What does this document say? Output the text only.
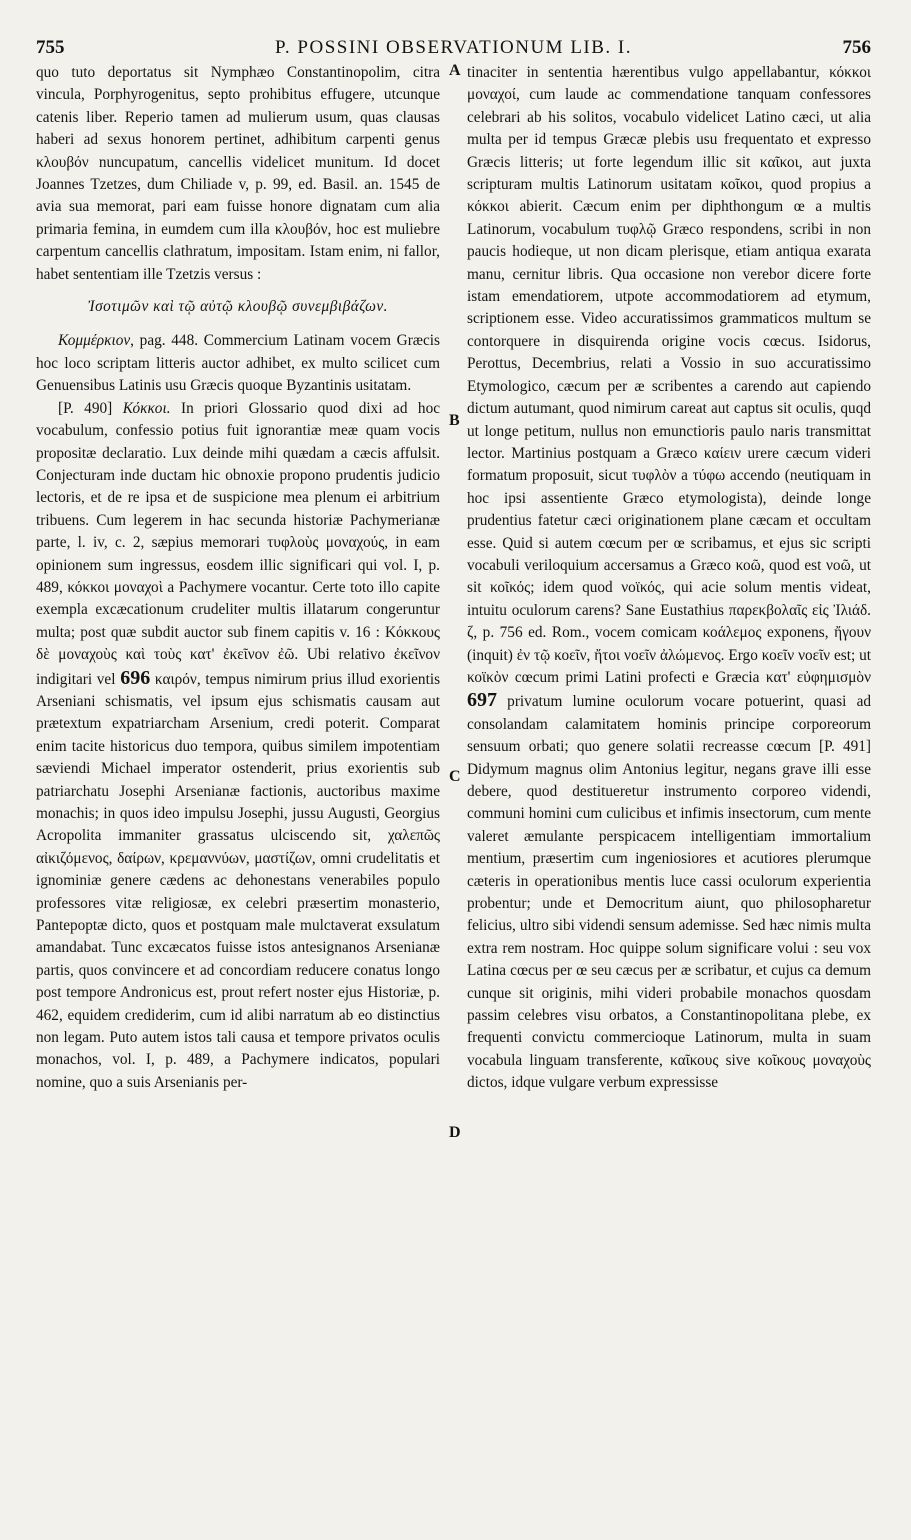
755	P. POSSINI OBSERVATIONUM LIB. I.	756
A
B
C
D

quo tuto deportatus sit Nymphæo Constantinopolim, citra vincula, Porphyrogenitus, septo prohibitus effugere, utcunque catenis liber. Reperio tamen ad mulierum usum, quas clausas haberi ad sexus honorem pertinet, adhibitum carpenti genus κλουβόν nuncupatum, cancellis videlicet munitum. Id docet Joannes Tzetzes, dum Chiliade v, p. 99, ed. Basil. an. 1545 de avia sua memorat, pari eam fuisse honore dignatam cum alia primaria femina, in eumdem cum illa κλουβόν, hoc est muliebre carpentum cancellis clathratum, impositam. Istam enim, ni fallor, habet sententiam ille Tzetzis versus :

Ἰσοτιμῶν καὶ τῷ αὐτῷ κλουβῷ συνεμβιβάζων.

Κομμέρκιον, pag. 448. Commercium Latinam vocem Græcis hoc loco scriptam litteris auctor adhibet, ex multo scilicet cum Genuensibus Latinis usu Græcis quoque Byzantinis usitatam.

[P. 490] Κόκκοι. In priori Glossario quod dixi ad hoc vocabulum, confessio potius fuit ignorantiæ meæ quam vocis propositæ declaratio. Lux deinde mihi quædam a cæcis affulsit. Conjecturam inde ductam hic obnoxie propono prudentis judicio lectoris, et de re ipsa et de suspicione mea plenum ei arbitrium tribuens. Cum legerem in hac secunda historiæ Pachymerianæ parte, l. iv, c. 2, sæpius memorari τυφλοὺς μοναχούς, in eam opinionem sum ingressus, eosdem illic significari qui vol. I, p. 489, κόκκοι μοναχοὶ a Pachymere vocantur. Certe toto illo capite exempla excæcationum crudeliter multis illatarum congeruntur multa; post quæ subdit auctor sub finem capitis v. 16 : Κόκκους δὲ μοναχοὺς καὶ τοὺς κατ' ἐκεῖνον ἐῶ. Ubi relativo ἐκεῖνον indigitari vel 696 καιρόν, tempus nimirum prius illud exorientis Arseniani schismatis, vel ipsum ejus schismatis causam aut prætextum expatriarcham Arsenium, credi poterit. Comparat enim tacite historicus duo tempora, quibus similem impotentiam sæviendi Michael imperator ostenderit, prius exorientis sub patriarchatu Josephi Arsenianæ factionis, auctoribus maxime monachis; in quos ideo impulsu Josephi, jussu Augusti, Georgius Acropolita immaniter grassatus ulciscendo sit, χαλεπῶς αἰκιζόμενος, δαίρων, κρεμαννύων, μαστίζων, omni crudelitatis et ignominiæ genere cædens ac dehonestans venerabiles populo professores vitæ religiosæ, ex celebri præsertim monasterio, Pantepoptæ dicto, quos et postquam male mulctaverat exsulatum amandabat. Tunc excæcatos fuisse istos antesignanos Arsenianæ partis, quos convincere et ad concordiam reducere conatus longo post tempore Andronicus est, prout refert noster ejus Historiæ, p. 462, equidem crediderim, cum id alibi narratum ab eo distinctius non legam. Puto autem istos tali causa et tempore privatos oculis monachos, vol. I, p. 489, a Pachymere indicatos, populari nomine, quo a suis Arsenianis per-

tinaciter in sententia hærentibus vulgo appellabantur, κόκκοι μοναχοί, cum laude ac commendatione tanquam confessores celebrari ab his solitos, vocabulo videlicet Latino cæci, ut alia multa per id tempus Græcæ plebis usu frequentato et expresso Græcis litteris; ut forte legendum illic sit καῖκοι, aut juxta scripturam multis Latinorum usitatam κοῖκοι, quod propius a κόκκοι abierit. Cæcum enim per diphthongum œ a multis Latinorum, vocabulum τυφλῷ Græco respondens, scribi in non paucis hodieque, ut non dicam plerisque, etiam antiqua exarata manu, cernitur libris. Qua occasione non verebor dicere forte istam emendatiorem, utpote accommodatiorem ad etymum, scriptionem esse. Video accuratissimos grammaticos multum se contorquere in disquirenda origine vocis cœcus. Isidorus, Perottus, Decembrius, relati a Vossio in suo accuratissimo Etymologico, cæcum per æ scribentes a carendo aut capiendo dictum autumant, quod nimirum careat aut captus sit oculis, quqd ut longe petitum, nullus non emunctioris paulo naris transmittat lector. Martinius postquam a Græco καίειν urere cæcum videri formatum proposuit, sicut τυφλὸν a τύφω accendo (neutiquam in hoc ipsi assentiente Græco etymologista), deinde longe prudentius fatetur cæci originationem plane cæcam et occultam esse. Quid si autem cœcum per œ scribamus, et ejus sic scripti vocabuli veriloquium accersamus a Græco κοῶ, quod est νοῶ, ut sit κοῖκός; idem quod νοϊκός, qui acie solum mentis videat, intuitu oculorum carens? Sane Eustathius παρεκβολαῖς εἰς Ἰλιάδ. ζ, p. 756 ed. Rom., vocem comicam κοάλεμος exponens, ἤγουν (inquit) ἐν τῷ κοεῖν, ἤτοι νοεῖν ἀλώμενος. Ergo κοεῖν νοεῖν est; ut κοϊκὸν cœcum primi Latini profecti e Græcia κατ' εὐφημισμὸν 697 privatum lumine oculorum vocare potuerint, quasi ad consolandam calamitatem hominis principe corporeorum sensuum orbati; quo genere solatii recreasse cœcum [P. 491] Didymum magnus olim Antonius legitur, negans grave illi esse debere, quod destitueretur instrumento corporeo videndi, communi homini cum culicibus et infimis insectorum, cum mente valeret æmulante perspicacem intelligentiam immortalium mentium, præsertim cum ingeniosiores et acutiores plerumque cæteris in operationibus mentis luce cassi oculorum experientia probentur; unde et Democritum aiunt, quo philosopharetur felicius, ultro sibi videndi sensum ademisse. Sed hæc nimis multa extra rem nostram. Hoc quippe solum significare volui : seu vox Latina cœcus per œ seu cæcus per æ scribatur, et cujus ca demum cunque sit originis, mihi videri probabile monachos quosdam passim celebres visu orbatos, a Constantinopolitana plebe, ex frequenti convictu commercioque Latinorum, multa in suam vocabula linguam transferente, καῖκους sive κοῖκους μοναχοὺς dictos, idque vulgare verbum expressisse
